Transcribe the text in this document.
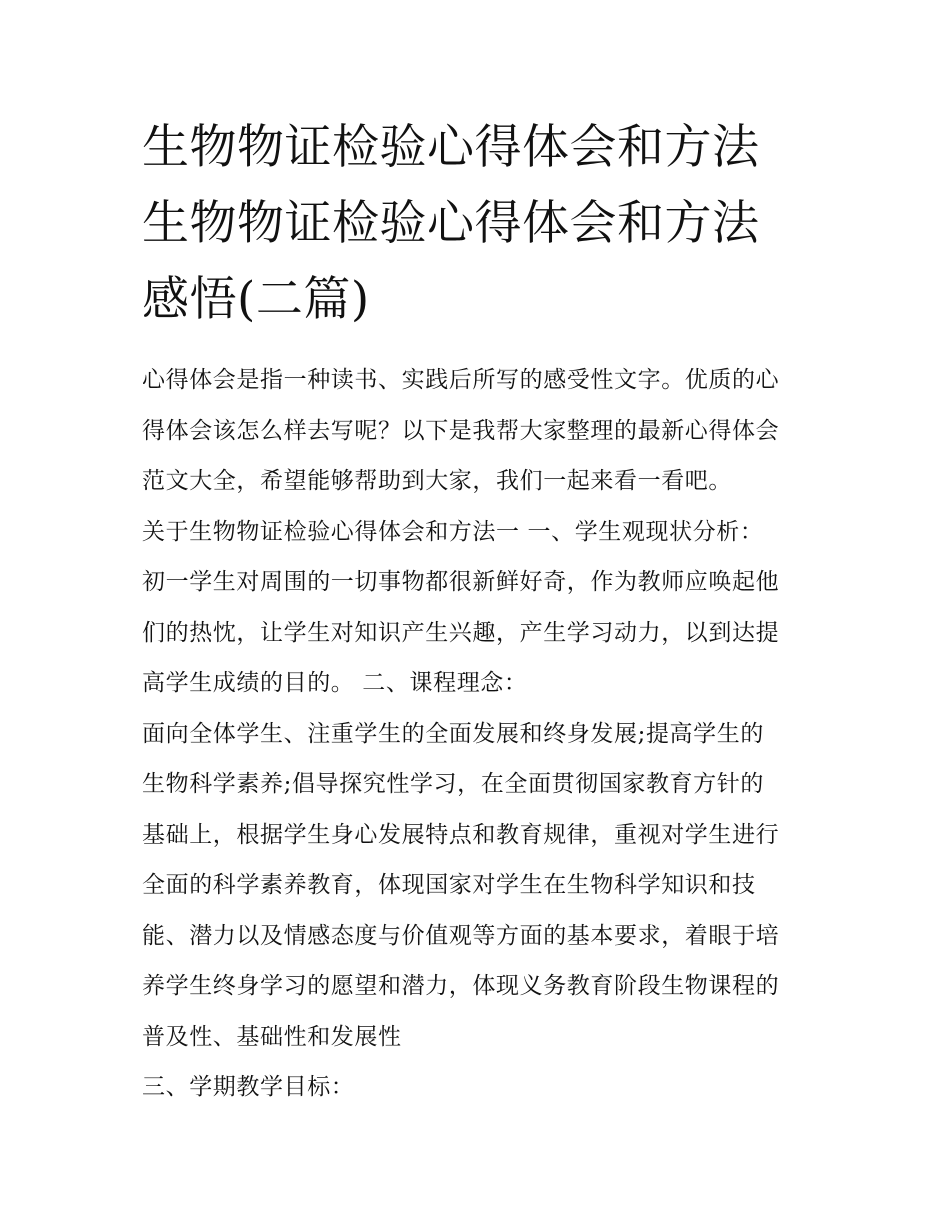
生物物证检验心得体会和方法
生物物证检验心得体会和方法
感悟(二篇)
心得体会是指一种读书、实践后所写的感受性文字。优质的心
得体会该怎么样去写呢？以下是我帮大家整理的最新心得体会
范文大全，希望能够帮助到大家，我们一起来看一看吧。
关于生物物证检验心得体会和方法一 一、学生观现状分析：
初一学生对周围的一切事物都很新鲜好奇，作为教师应唤起他
们的热忱，让学生对知识产生兴趣，产生学习动力，以到达提
高学生成绩的目的。 二、课程理念：
面向全体学生、注重学生的全面发展和终身发展;提高学生的
生物科学素养;倡导探究性学习，在全面贯彻国家教育方针的
基础上，根据学生身心发展特点和教育规律，重视对学生进行
全面的科学素养教育，体现国家对学生在生物科学知识和技
能、潜力以及情感态度与价值观等方面的基本要求，着眼于培
养学生终身学习的愿望和潜力，体现义务教育阶段生物课程的
普及性、基础性和发展性
三、学期教学目标：
